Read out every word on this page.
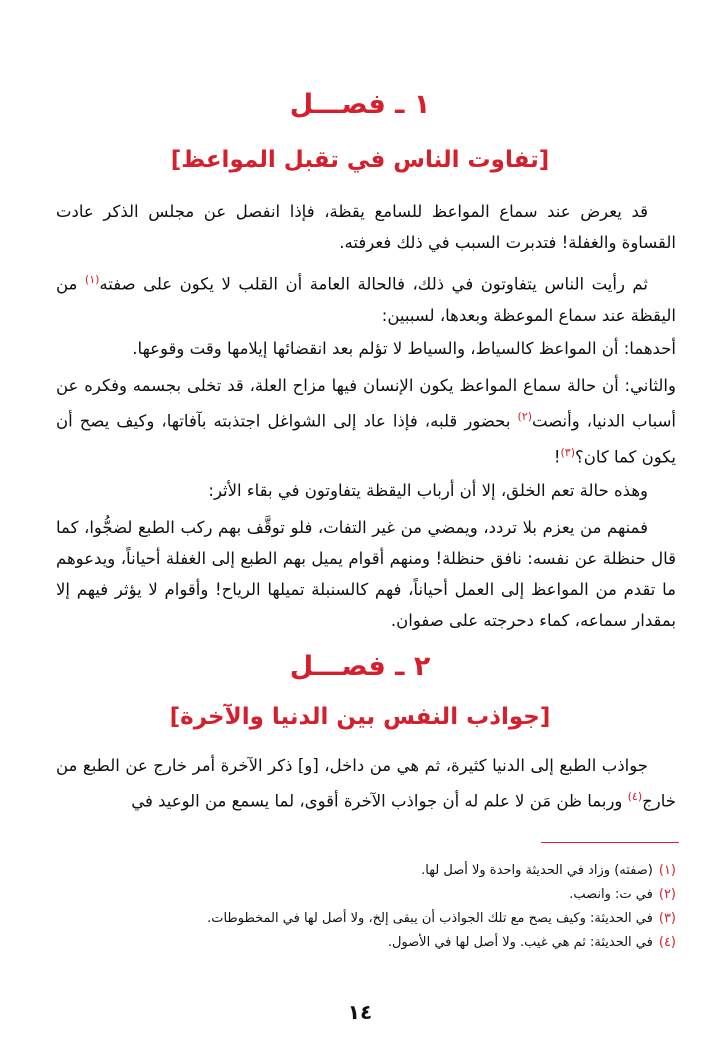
١ ـ فصـــل
[تفاوت الناس في تقبل المواعظ]

قد يعرض عند سماع المواعظ للسامع يقظة، فإذا انفصل عن مجلس الذكر عادت القساوة والغفلة! فتدبرت السبب في ذلك فعرفته.

ثم رأيت الناس يتفاوتون في ذلك، فالحالة العامة أن القلب لا يكون على صفته$^{(١)}$ من اليقظة عند سماع الموعظة وبعدها، لسببين:

أحدهما: أن المواعظ كالسياط، والسياط لا تؤلم بعد انقضائها إيلامها وقت وقوعها.

والثاني: أن حالة سماع المواعظ يكون الإنسان فيها مزاح العلة، قد تخلى بجسمه وفكره عن أسباب الدنيا، وأنصت$^{(٢)}$ بحضور قلبه، فإذا عاد إلى الشواغل اجتذبته بآفاتها، وكيف يصح أن يكون كما كان؟$^{(٣)}$!

وهذه حالة تعم الخلق، إلا أن أرباب اليقظة يتفاوتون في بقاء الأثر:

فمنهم من يعزم بلا تردد، ويمضي من غير التفات، فلو توقَّف بهم ركب الطبع لضجُّوا، كما قال حنظلة عن نفسه: نافق حنظلة! ومنهم أقوام يميل بهم الطبع إلى الغفلة أحياناً، ويدعوهم ما تقدم من المواعظ إلى العمل أحياناً، فهم كالسنبلة تميلها الرياح! وأقوام لا يؤثر فيهم إلا بمقدار سماعه، كماء دحرجته على صفوان.

٢ ـ فصـــل
[جواذب النفس بين الدنيا والآخرة]

جواذب الطبع إلى الدنيا كثيرة، ثم هي من داخل، [و] ذكر الآخرة أمر خارج عن الطبع من خارج$^{(٤)}$ وربما ظن مَن لا علم له أن جواذب الآخرة أقوى، لما يسمع من الوعيد في

(١)(صفته) وزاد في الحديثة واحدة ولا أصل لها.

(٢)في ت: وانصب.

(٣)في الحديثة: وكيف يصح مع تلك الجواذب أن يبقى إلخ، ولا أصل لها في المخطوطات.

(٤)في الحديثة: ثم هي غيب. ولا أصل لها في الأصول.

١٤
